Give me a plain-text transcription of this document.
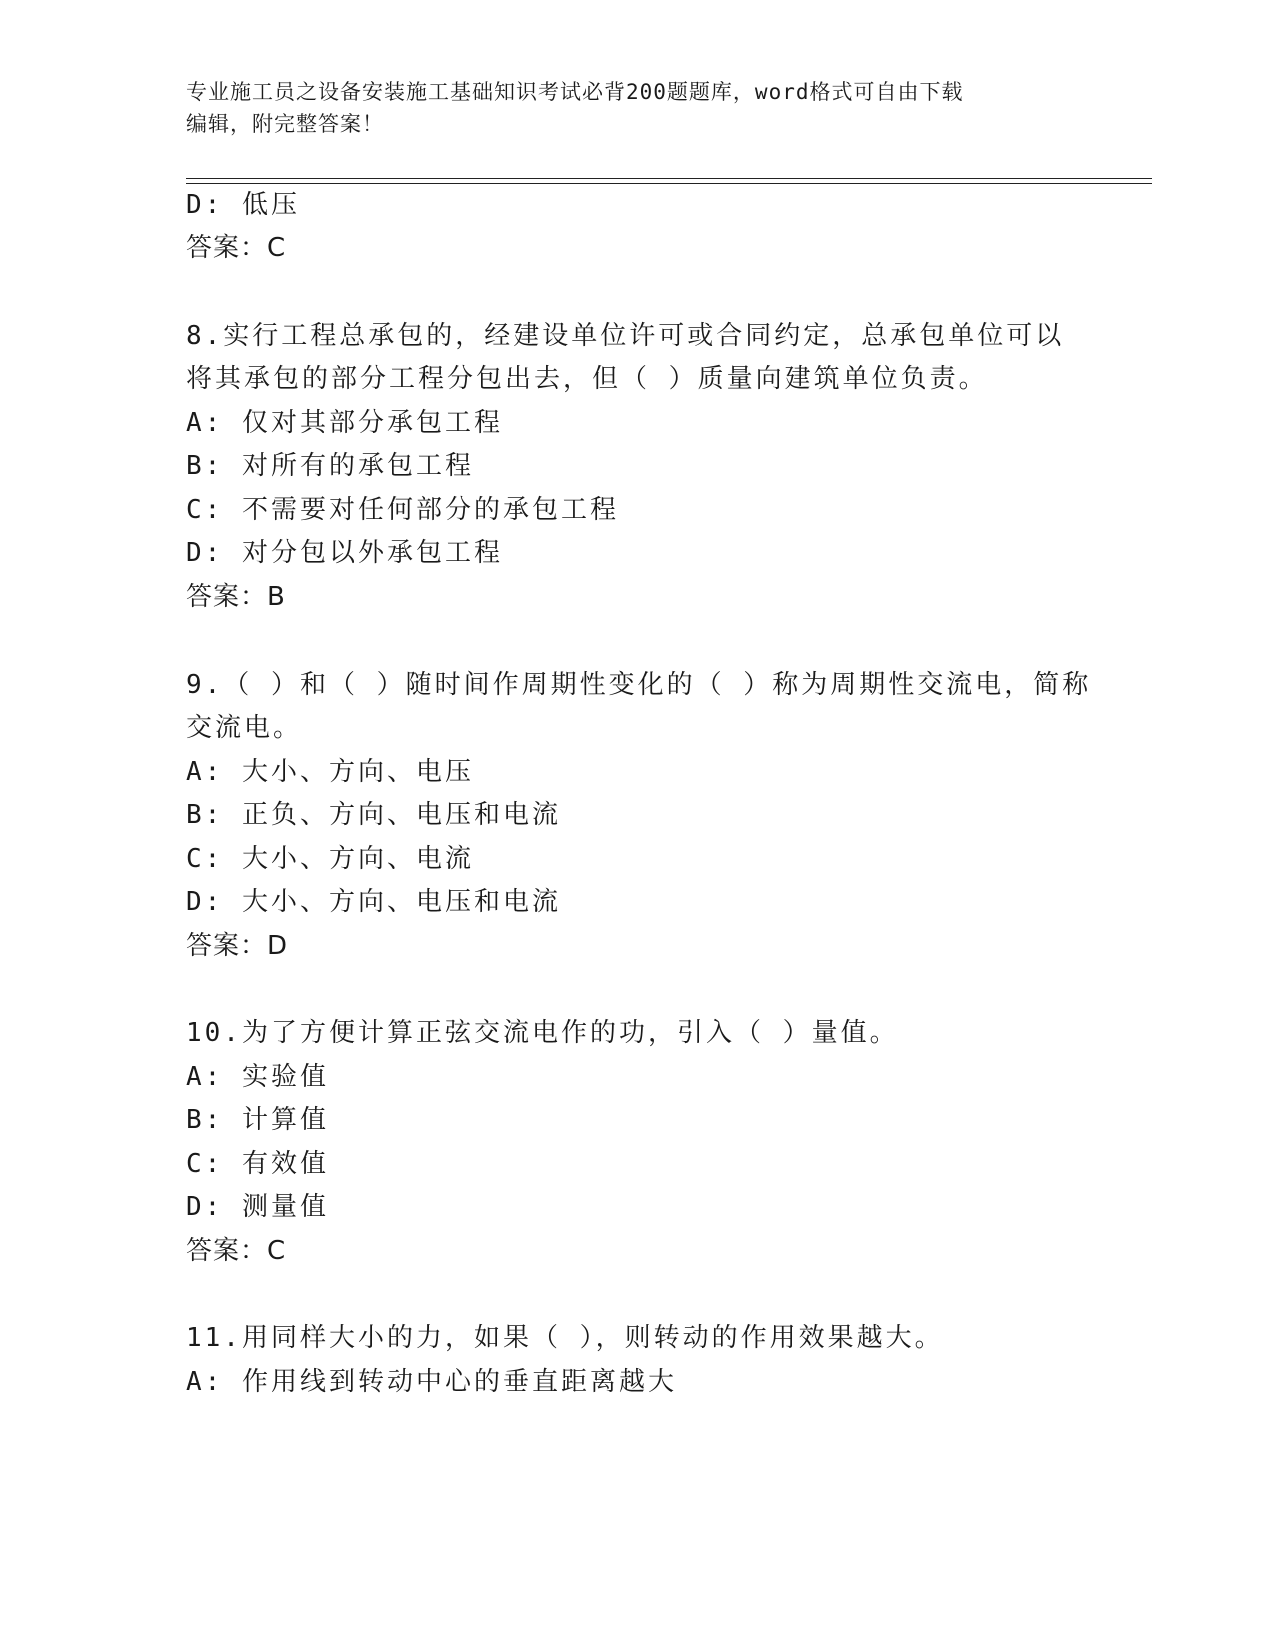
专业施工员之设备安装施工基础知识考试必背200题题库，word格式可自由下载
编辑，附完整答案！
D: 低压
答案：C
8.实行工程总承包的，经建设单位许可或合同约定，总承包单位可以
将其承包的部分工程分包出去，但（ ）质量向建筑单位负责。
A: 仅对其部分承包工程
B: 对所有的承包工程
C: 不需要对任何部分的承包工程
D: 对分包以外承包工程
答案：B
9.（ ）和（ ）随时间作周期性变化的（ ）称为周期性交流电，简称
交流电。
A: 大小、方向、电压
B: 正负、方向、电压和电流
C: 大小、方向、电流
D: 大小、方向、电压和电流
答案：D
10.为了方便计算正弦交流电作的功，引入（ ）量值。
A: 实验值
B: 计算值
C: 有效值
D: 测量值
答案：C
11.用同样大小的力，如果（ ），则转动的作用效果越大。
A: 作用线到转动中心的垂直距离越大
